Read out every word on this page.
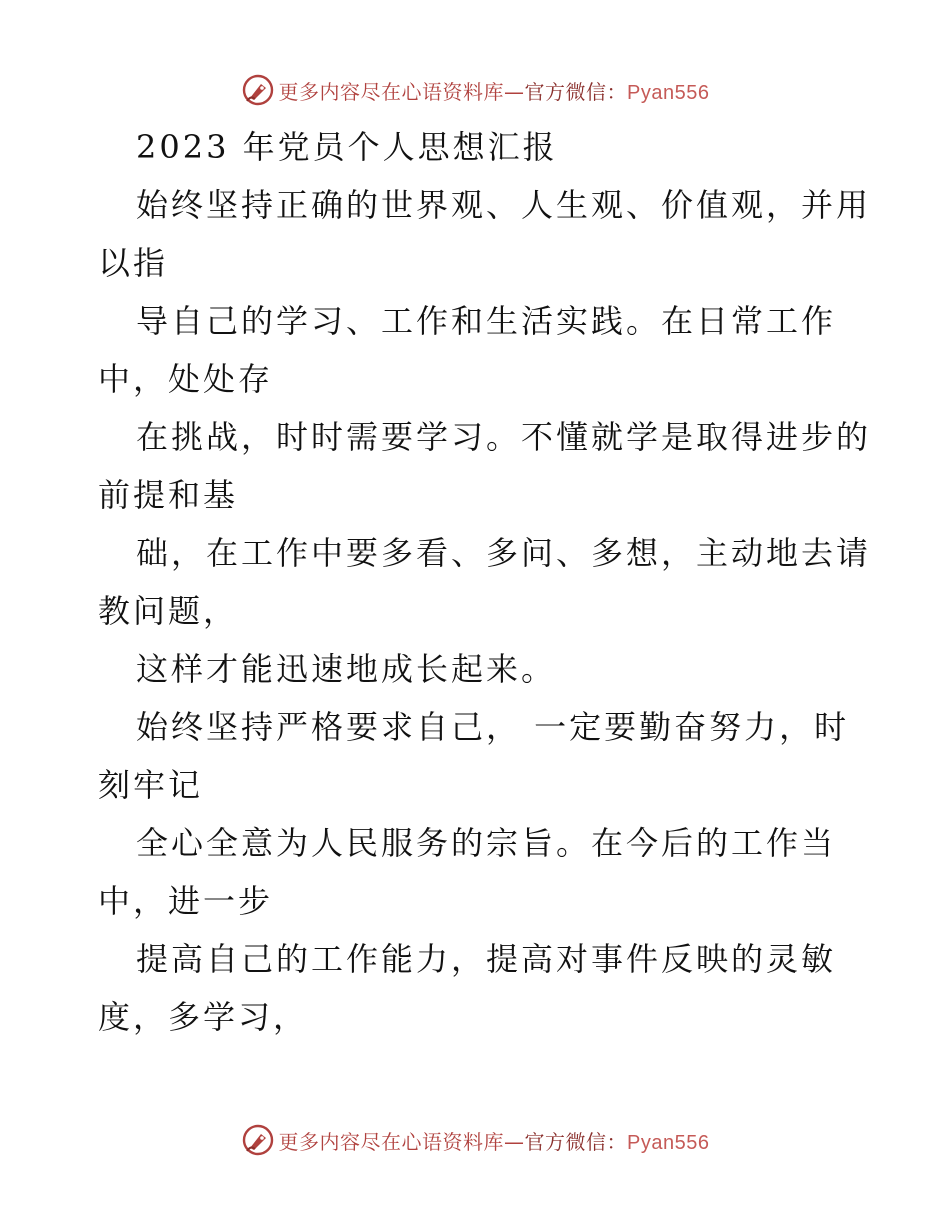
更多内容尽在心语资料库—官方微信：Pyan556
2023 年党员个人思想汇报
始终坚持正确的世界观、人生观、价值观，并用
以指
导自己的学习、工作和生活实践。在日常工作
中，处处存
在挑战，时时需要学习。不懂就学是取得进步的
前提和基
础，在工作中要多看、多问、多想，主动地去请
教问题，
这样才能迅速地成长起来。
始终坚持严格要求自己， 一定要勤奋努力，时
刻牢记
全心全意为人民服务的宗旨。在今后的工作当
中，进一步
提高自己的工作能力，提高对事件反映的灵敏
度，多学习，
更多内容尽在心语资料库—官方微信：Pyan556
